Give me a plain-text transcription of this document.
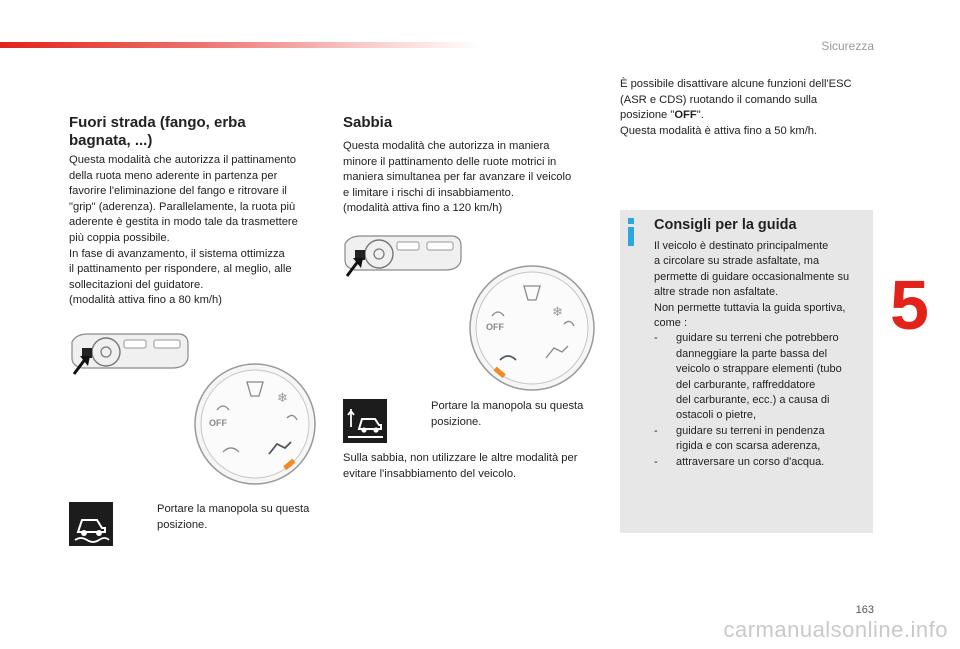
Sicurezza
5
Fuori strada (fango, erba bagnata, ...)

Questa modalità che autorizza il pattinamento

della ruota meno aderente in partenza per

favorire l'eliminazione del fango e ritrovare il

"grip" (aderenza). Parallelamente, la ruota più

aderente è gestita in modo tale da trasmettere

più coppia possibile.

In fase di avanzamento, il sistema ottimizza

il pattinamento per rispondere, al meglio, alle

sollecitazioni del guidatore.

(modalità attiva fino a 80 km/h)

❄
OFF
Portare la manopola su questa
posizione.
Sabbia

Questa modalità che autorizza in maniera

minore il pattinamento delle ruote motrici in

maniera simultanea per far avanzare il veicolo

e limitare i rischi di insabbiamento.

(modalità attiva fino a 120 km/h)

❄
OFF
Portare la manopola su questa
posizione.

Sulla sabbia, non utilizzare le altre modalità per

evitare l'insabbiamento del veicolo.

È possibile disattivare alcune funzioni dell'ESC

(ASR e CDS) ruotando il comando sulla

posizione "OFF".

Questa modalità è attiva fino a 50 km/h.

Consigli per la guida
Il veicolo è destinato principalmente
a circolare su strade asfaltate, ma
permette di guidare occasionalmente su
altre strade non asfaltate.
Non permette tuttavia la guida sportiva,
come :
-	guidare su terreni che potrebbero
danneggiare la parte bassa del
veicolo o strappare elementi (tubo
del carburante, raffreddatore
del carburante, ecc.) a causa di
ostacoli o pietre,
-	guidare su terreni in pendenza
rigida e con scarsa aderenza,
-	attraversare un corso d'acqua.
163
carmanualsonline.info
